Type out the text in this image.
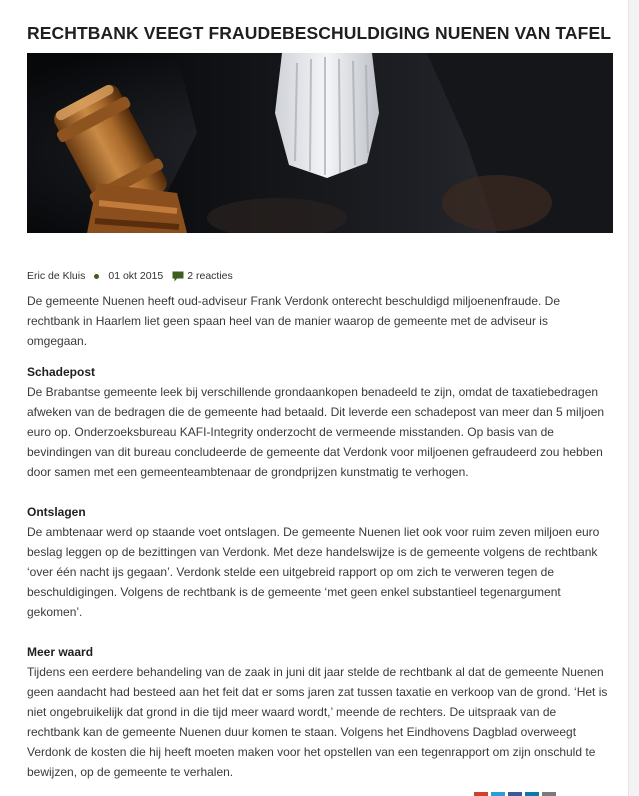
RECHTBANK VEEGT FRAUDEBESCHULDIGING NUENEN VAN TAFEL
Eric de Kluis 01 okt 2015 2 reacties

De gemeente Nuenen heeft oud-adviseur Frank Verdonk onterecht beschuldigd miljoenenfraude. De
rechtbank in Haarlem liet geen spaan heel van de manier waarop de gemeente met de adviseur is
omgegaan.

Schadepost

De Brabantse gemeente leek bij verschillende grondaankopen benadeeld te zijn, omdat de taxatiebedragen
afweken van de bedragen die de gemeente had betaald. Dit leverde een schadepost van meer dan 5 miljoen
euro op. Onderzoeksbureau KAFI-Integrity onderzocht de vermeende misstanden. Op basis van de
bevindingen van dit bureau concludeerde de gemeente dat Verdonk voor miljoenen gefraudeerd zou hebben
door samen met een gemeenteambtenaar de grondprijzen kunstmatig te verhogen.

Ontslagen

De ambtenaar werd op staande voet ontslagen. De gemeente Nuenen liet ook voor ruim zeven miljoen euro
beslag leggen op de bezittingen van Verdonk. Met deze handelswijze is de gemeente volgens de rechtbank
‘over één nacht ijs gegaan’. Verdonk stelde een uitgebreid rapport op om zich te verweren tegen de
beschuldigingen. Volgens de rechtbank is de gemeente ‘met geen enkel substantieel tegenargument
gekomen’.

Meer waard

Tijdens een eerdere behandeling van de zaak in juni dit jaar stelde de rechtbank al dat de gemeente Nuenen
geen aandacht had besteed aan het feit dat er soms jaren zat tussen taxatie en verkoop van de grond. ‘Het is
niet ongebruikelijk dat grond in die tijd meer waard wordt,’ meende de rechters. De uitspraak van de
rechtbank kan de gemeente Nuenen duur komen te staan. Volgens het Eindhovens Dagblad overweegt
Verdonk de kosten die hij heeft moeten maken voor het opstellen van een tegenrapport om zijn onschuld te
bewijzen, op de gemeente te verhalen.
